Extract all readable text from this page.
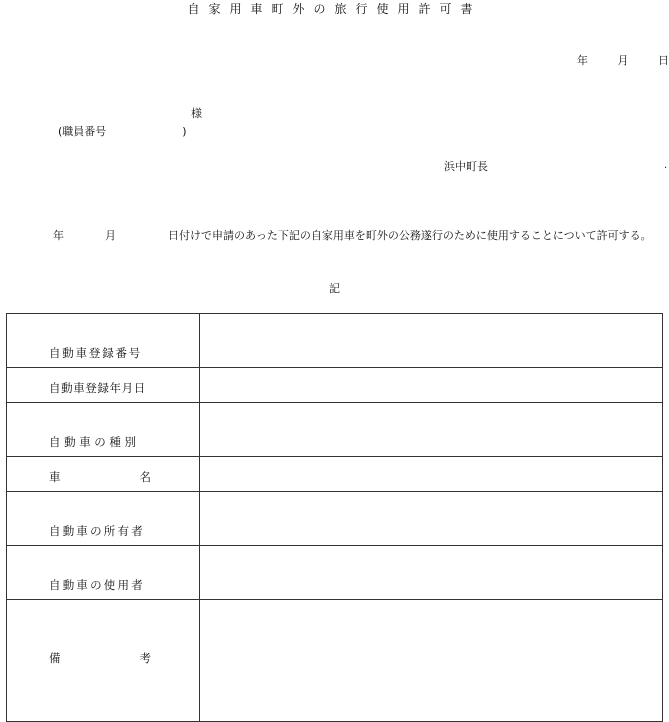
自家用車町外の旅行使用許可書
年	月	日
様
(職員番号	)
浜中町長	.
年	月	日付けで申請のあった下記の自家用車を町外の公務遂行のために使用することについて許可する。
記
自動車登録番号	

自動車登録年月日	

自動車の種別	

車 名	

自動車の所有者	

自動車の使用者	

備 考	
